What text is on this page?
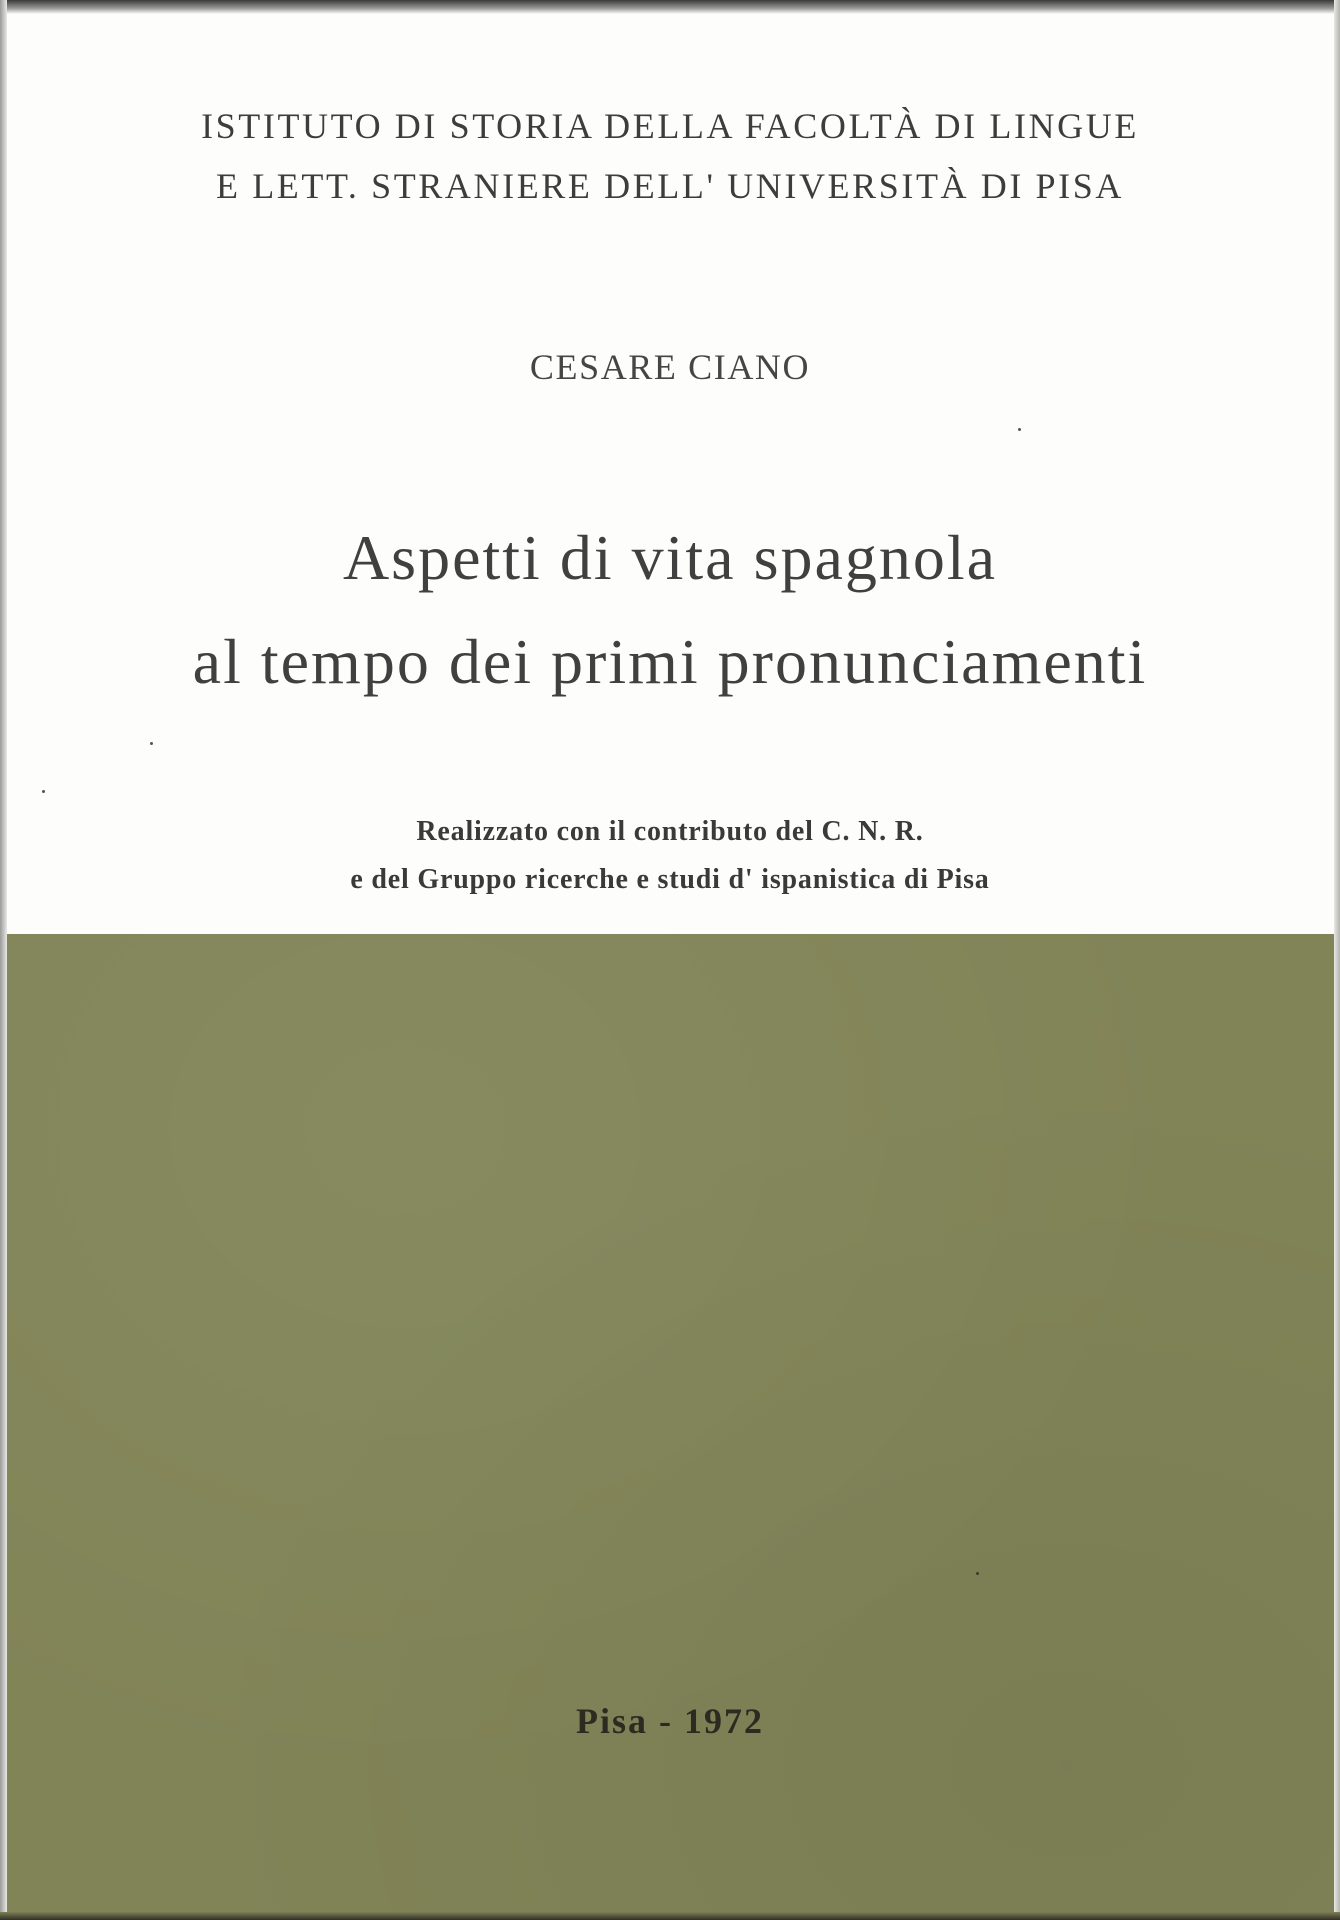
ISTITUTO DI STORIA DELLA FACOLTÀ DI LINGUE
E LETT. STRANIERE DELL' UNIVERSITÀ DI PISA
CESARE CIANO
Aspetti di vita spagnola
al tempo dei primi pronunciamenti
Realizzato con il contributo del C. N. R.
e del Gruppo ricerche e studi d' ispanistica di Pisa
Pisa - 1972
